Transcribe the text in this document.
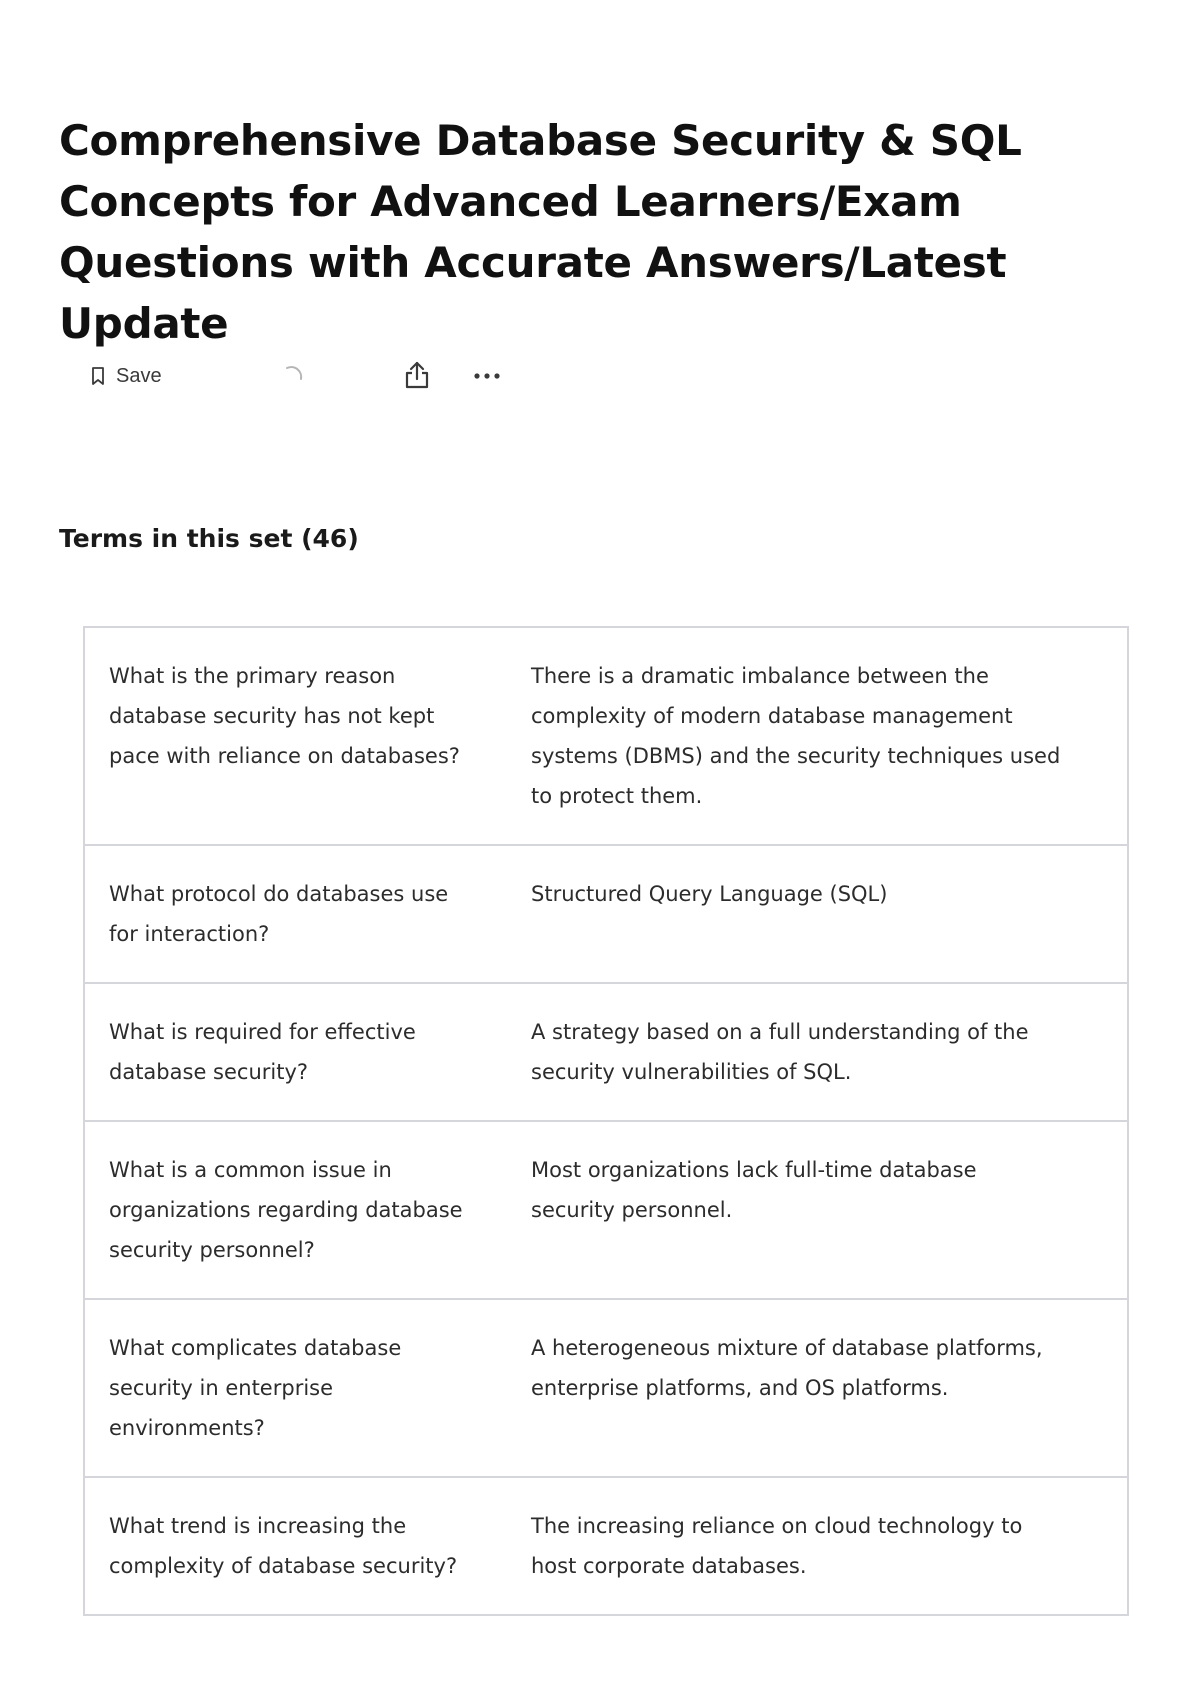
Comprehensive Database Security & SQL
Concepts for Advanced Learners/Exam
Questions with Accurate Answers/Latest Update
Save
Terms in this set (46)
What is the primary reason
database security has not kept
pace with reliance on databases?
There is a dramatic imbalance between the
complexity of modern database management
systems (DBMS) and the security techniques used
to protect them.
What protocol do databases use
for interaction?
Structured Query Language (SQL)
What is required for effective
database security?
A strategy based on a full understanding of the
security vulnerabilities of SQL.
What is a common issue in
organizations regarding database
security personnel?
Most organizations lack full-time database
security personnel.
What complicates database
security in enterprise
environments?
A heterogeneous mixture of database platforms,
enterprise platforms, and OS platforms.
What trend is increasing the
complexity of database security?
The increasing reliance on cloud technology to
host corporate databases.
